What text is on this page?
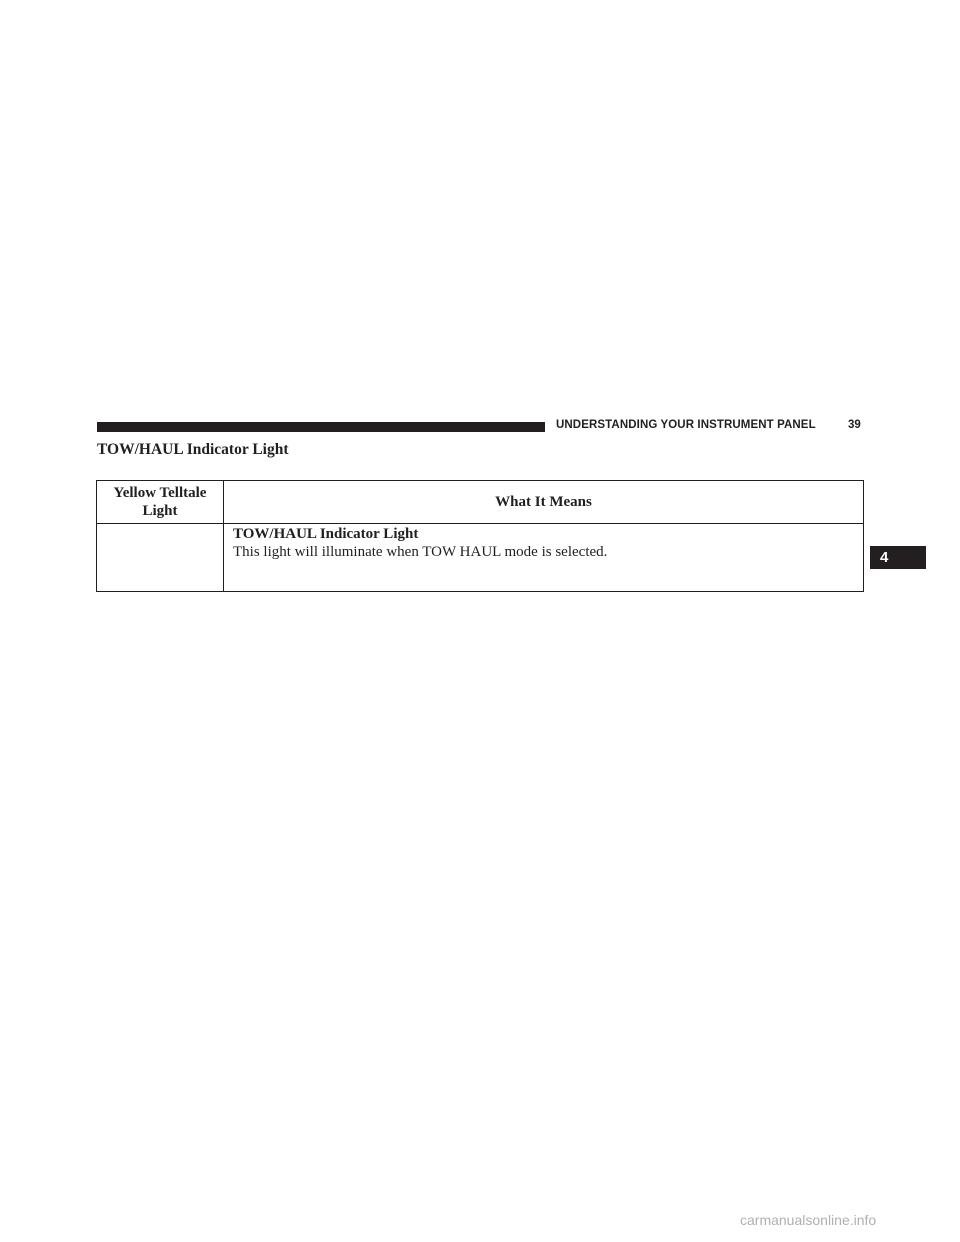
UNDERSTANDING YOUR INSTRUMENT PANEL	39
TOW/HAUL Indicator Light
Yellow Telltale
Light	What It Means

	TOW/HAUL Indicator Light
This light will illuminate when TOW HAUL mode is selected.	4
carmanualsonline.info
